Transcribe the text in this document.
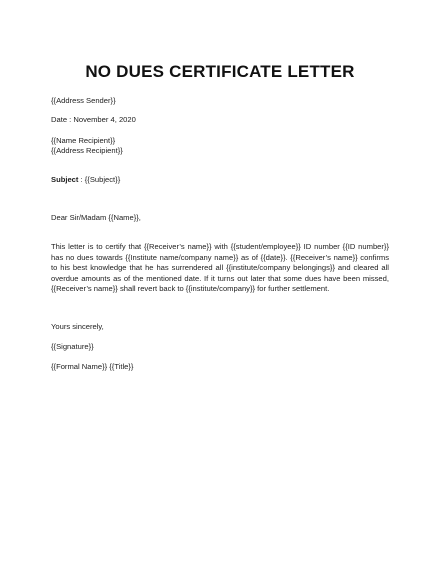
NO DUES CERTIFICATE LETTER
{{Address Sender}}
Date : November 4, 2020
{{Name Recipient}}
{{Address Recipient}}
Subject : {{Subject}}
Dear Sir/Madam {{Name}},

This letter is to certify that {{Receiver’s name}} with {{student/employee}} ID number {{ID number}} has no dues towards {{Institute name/company name}} as of {{date}}. {{Receiver’s name}} confirms to his best knowledge that he has surrendered all {{institute/company belongings}} and cleared all overdue amounts as of the mentioned date. If it turns out later that some dues have been missed, {{Receiver’s name}} shall revert back to {{institute/company}} for further settlement.

Yours sincerely,
{{Signature}}
{{Formal Name}} {{Title}}
